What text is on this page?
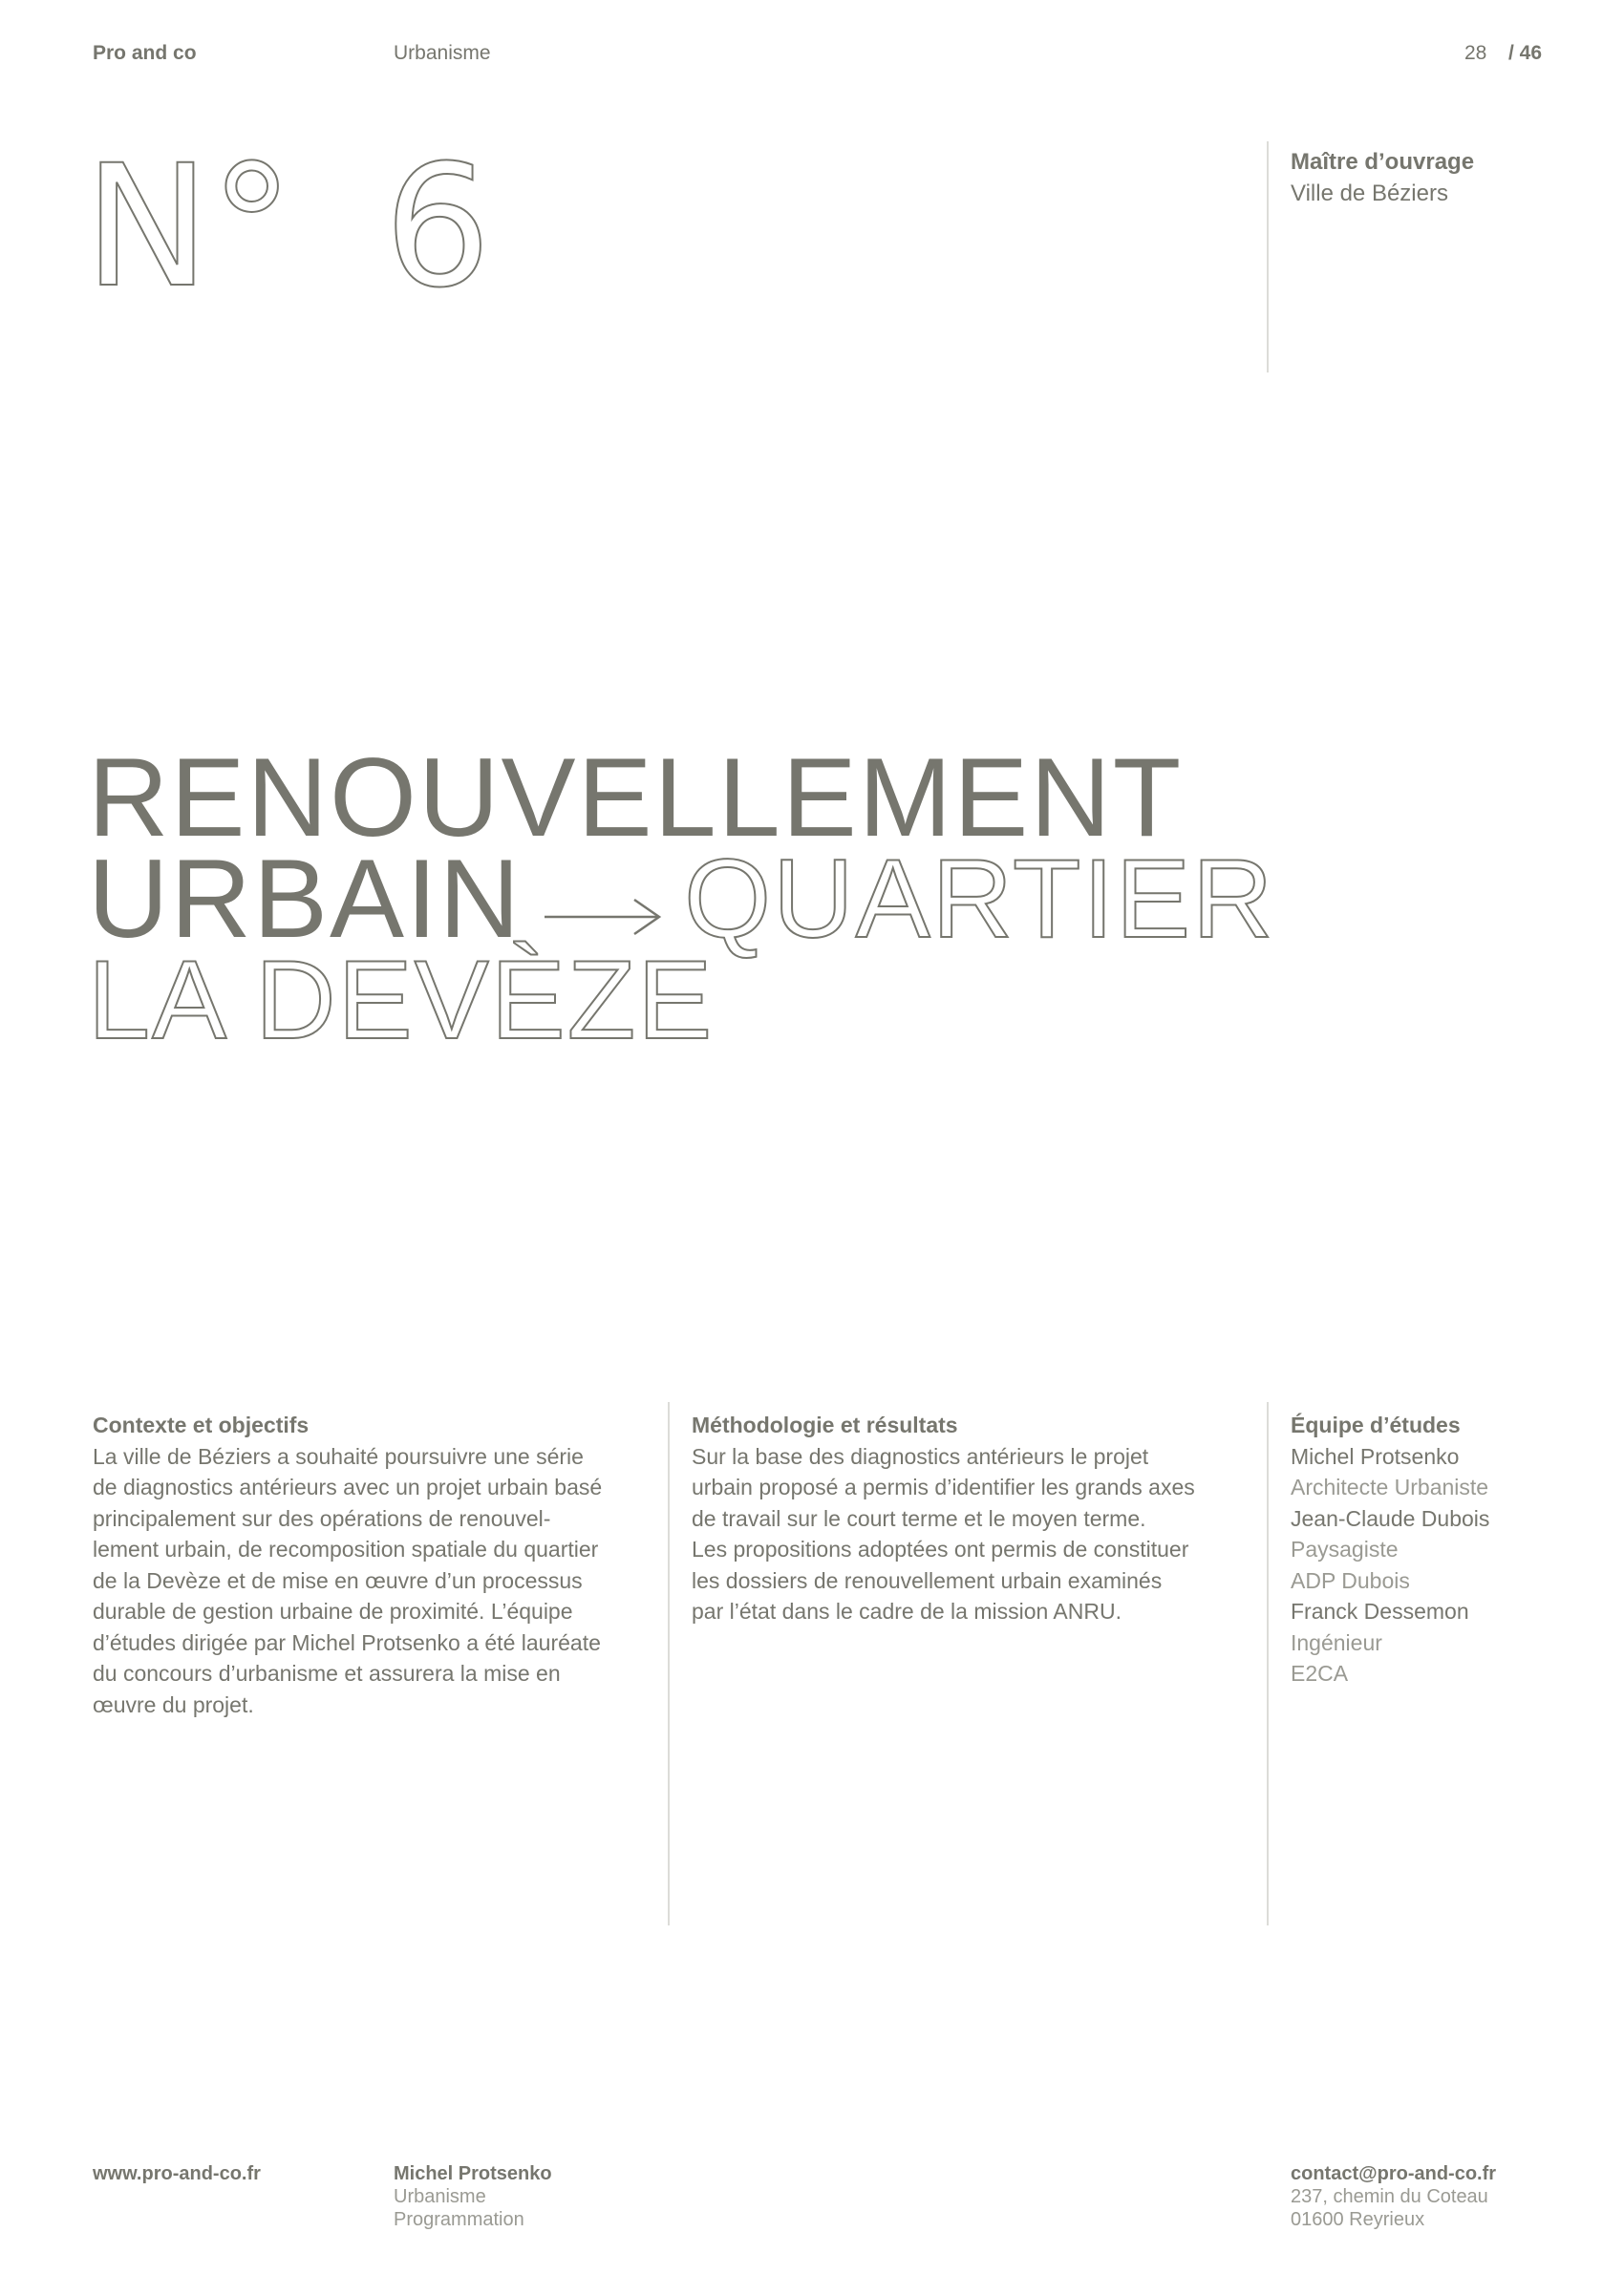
Pro and co	Urbanisme	28 / 46
N° 6	Maître d’ouvrage
Ville de Béziers
RENOUVELLEMENT
URBAIN QUARTIER
LA DEVÈZE
Contexte et objectifs
La ville de Béziers a souhaité poursuivre une série
de diagnostics antérieurs avec un projet urbain basé
principalement sur des opérations de renouvel-
lement urbain, de recomposition spatiale du quartier
de la Devèze et de mise en œuvre d’un processus
durable de gestion urbaine de proximité. L’équipe
d’études dirigée par Michel Protsenko a été lauréate
du concours d’urbanisme et assurera la mise en
œuvre du projet.
Méthodologie et résultats
Sur la base des diagnostics antérieurs le projet
urbain proposé a permis d’identifier les grands axes
de travail sur le court terme et le moyen terme.
Les propositions adoptées ont permis de constituer
les dossiers de renouvellement urbain examinés
par l’état dans le cadre de la mission ANRU.
Équipe d’études
Michel Protsenko
Architecte Urbaniste
Jean-Claude Dubois
Paysagiste
ADP Dubois
Franck Dessemon
Ingénieur
E2CA
www.pro-and-co.fr	Michel Protsenko
Urbanisme
Programmation
contact@pro-and-co.fr
237, chemin du Coteau
01600 Reyrieux
